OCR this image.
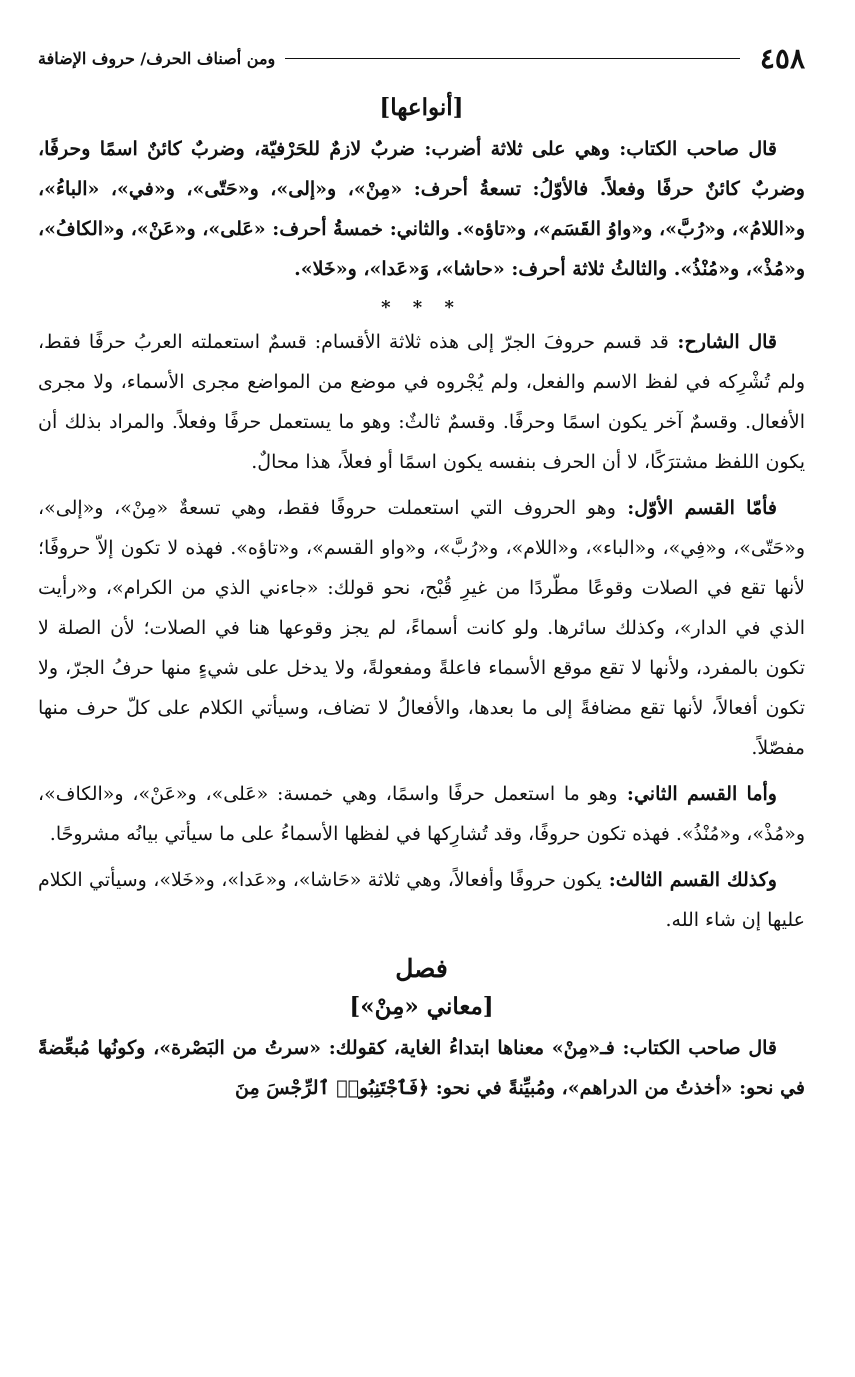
٤٥٨
ومن أصناف الحرف/ حروف الإضافة
[أنواعها]

قال صاحب الكتاب: وهي على ثلاثة أضرب: ضربٌ لازمٌ للحَرْفيّة، وضربٌ كائنٌ اسمًا وحرفًا، وضربٌ كائنٌ حرفًا وفعلاً. فالأوّلُ: تسعةُ أحرف: «مِنْ»، و«إلى»، و«حَتّى»، و«في»، «الباءُ»، و«اللامُ»، و«رُبَّ»، و«واوُ القَسَم»، و«تاؤه». والثاني: خمسةُ أحرف: «عَلى»، و«عَنْ»، و«الكافُ»، و«مُذْ»، و«مُنْذُ». والثالثُ ثلاثة أحرف: «حاشا»، وَ«عَدا»، و«خَلا».

* * *

قال الشارح: قد قسم حروفَ الجرّ إلى هذه ثلاثة الأقسام: قسمٌ استعملته العربُ حرفًا فقط، ولم تُشْرِكه في لفظ الاسم والفعل، ولم يُجْروه في موضع من المواضع مجرى الأسماء، ولا مجرى الأفعال. وقسمٌ آخر يكون اسمًا وحرفًا. وقسمٌ ثالثٌ: وهو ما يستعمل حرفًا وفعلاً. والمراد بذلك أن يكون اللفظ مشترَكًا، لا أن الحرف بنفسه يكون اسمًا أو فعلاً، هذا محالٌ.

فأمّا القسم الأوّل: وهو الحروف التي استعملت حروفًا فقط، وهي تسعةٌ «مِنْ»، و«إلى»، و«حَتّى»، و«فِي»، و«الباء»، و«اللام»، و«رُبَّ»، و«واو القسم»، و«تاؤه». فهذه لا تكون إلاّ حروفًا؛ لأنها تقع في الصلات وقوعًا مطّردًا من غيرِ قُبْح، نحو قولك: «جاءني الذي من الكرام»، و«رأيت الذي في الدار»، وكذلك سائرها. ولو كانت أسماءً، لم يجز وقوعها هنا في الصلات؛ لأن الصلة لا تكون بالمفرد، ولأنها لا تقع موقع الأسماء فاعلةً ومفعولةً، ولا يدخل على شيءٍ منها حرفُ الجرّ، ولا تكون أفعالاً، لأنها تقع مضافةً إلى ما بعدها، والأفعالُ لا تضاف، وسيأتي الكلام على كلّ حرف منها مفصّلاً.

وأما القسم الثاني: وهو ما استعمل حرفًا واسمًا، وهي خمسة: «عَلى»، و«عَنْ»، و«الكاف»، و«مُذْ»، و«مُنْذُ». فهذه تكون حروفًا، وقد تُشارِكها في لفظها الأسماءُ على ما سيأتي بيانُه مشروحًا.

وكذلك القسم الثالث: يكون حروفًا وأفعالاً، وهي ثلاثة «حَاشا»، و«عَدا»، و«خَلا»، وسيأتي الكلام عليها إن شاء الله.

فصل
[معاني «مِنْ»]

قال صاحب الكتاب: فـ«مِنْ» معناها ابتداءُ الغاية، كقولك: «سرتُ من البَصْرة»، وكونُها مُبعِّضةً في نحو: «أخذتُ من الدراهم»، ومُبيِّنةً في نحو: ﴿فَٱجْتَنِبُوا۟ ٱلرِّجْسَ مِنَ
